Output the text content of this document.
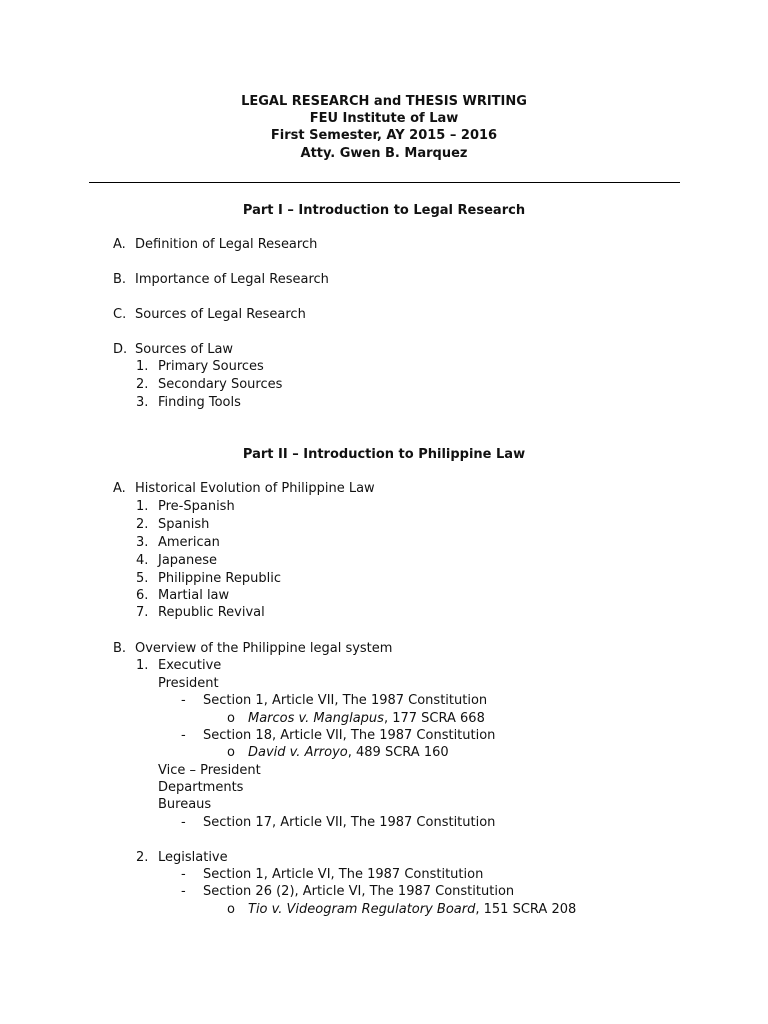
LEGAL RESEARCH and THESIS WRITING
FEU Institute of Law
First Semester, AY 2015 – 2016
Atty. Gwen B. Marquez
Part I – Introduction to Legal Research
A. Definition of Legal Research
B. Importance of Legal Research
C. Sources of Legal Research
D. Sources of Law
1. Primary Sources
2. Secondary Sources
3. Finding Tools
Part II – Introduction to Philippine Law
A. Historical Evolution of Philippine Law
1. Pre-Spanish
2. Spanish
3. American
4. Japanese
5. Philippine Republic
6. Martial law
7. Republic Revival
B. Overview of the Philippine legal system
1. Executive
President
- Section 1, Article VII, The 1987 Constitution
o Marcos v. Manglapus, 177 SCRA 668
- Section 18, Article VII, The 1987 Constitution
o David v. Arroyo, 489 SCRA 160
Vice – President
Departments
Bureaus
- Section 17, Article VII, The 1987 Constitution
2. Legislative
- Section 1, Article VI, The 1987 Constitution
- Section 26 (2), Article VI, The 1987 Constitution
o Tio v. Videogram Regulatory Board, 151 SCRA 208
